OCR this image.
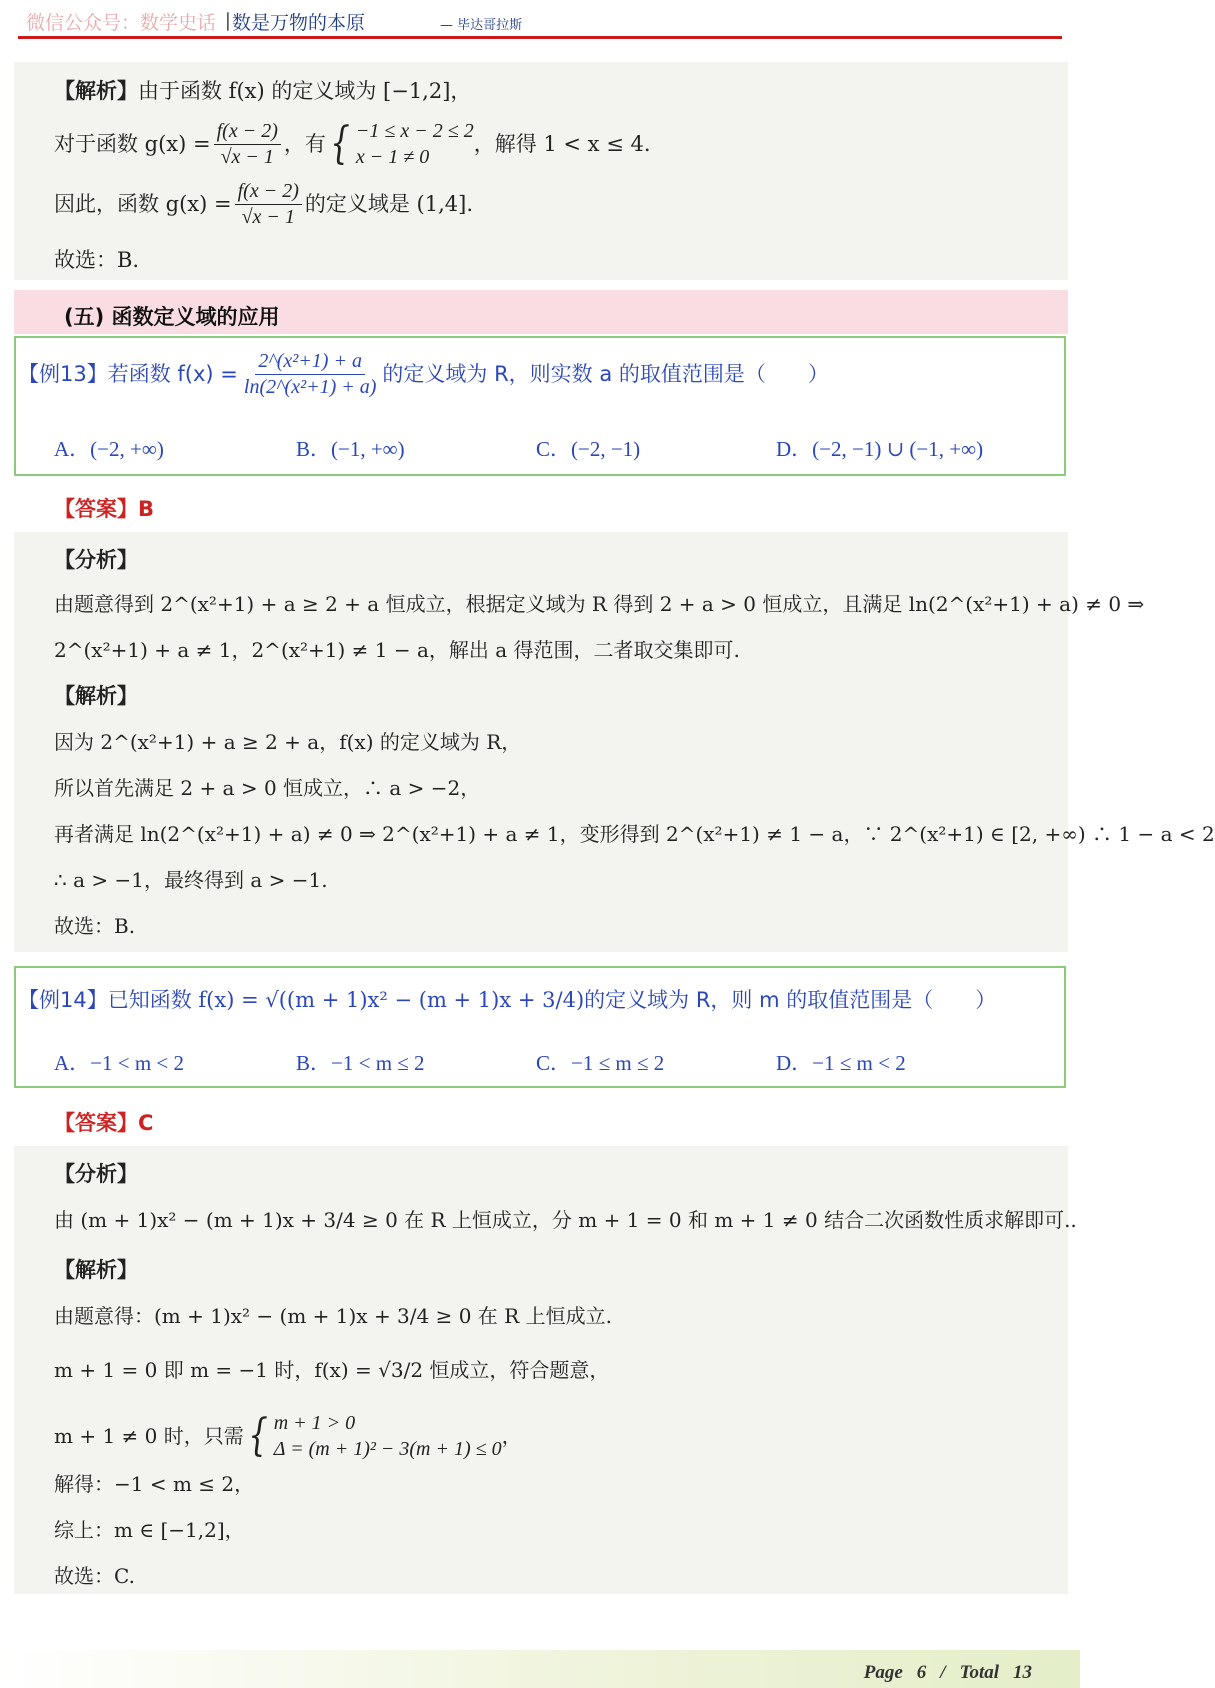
微信公众号：数学史话 丨
数是万物的本原	— 毕达哥拉斯
【解析】由于函数 f(x) 的定义域为 [−1,2]，
对于函数 $g(x) = \frac{f(x - 2)}{√x - 1}$ ，有 { −1 ≤ x − 2 ≤ 2
x − 1 ≠ 0
，解得 1 < x ≤ 4.
因此，函数 $g(x) = \frac{f(x - 2)}{√x - 1}$ 的定义域是 (1,4].
故选：B.
(五) 函数定义域的应用
【例13】 若函数 $f(x) = \frac{\text{2\textasciicircum{}(x²+1) + a}}{\text{ln(2\textasciicircum{}(x²+1) + a)}}$ 的定义域为 R，则实数 a 的取值范围是（　　）
A．(−2, +∞)	B．(−1, +∞)	C．(−2, −1)	D．(−2, −1) ∪ (−1, +∞)
【答案】B
【分析】
由题意得到 2^(x²+1) + a ≥ 2 + a 恒成立，根据定义域为 R 得到 2 + a > 0 恒成立，且满足 ln(2^(x²+1) + a) ≠ 0 ⇒
2^(x²+1) + a ≠ 1，2^(x²+1) ≠ 1 − a，解出 a 得范围，二者取交集即可.
【解析】
因为 2^(x²+1) + a ≥ 2 + a，f(x) 的定义域为 R，
所以首先满足 2 + a > 0 恒成立，∴ a > −2，
再者满足 ln(2^(x²+1) + a) ≠ 0 ⇒ 2^(x²+1) + a ≠ 1，变形得到 2^(x²+1) ≠ 1 − a，∵ 2^(x²+1) ∈ [2, +∞) ∴ 1 − a < 2
∴ a > −1，最终得到 a > −1.
故选：B.
【例14】已知函数 f(x) = √((m + 1)x² − (m + 1)x + 3/4)的定义域为 R，则 m 的取值范围是（　　）
A．−1 < m < 2	B．−1 < m ≤ 2	C．−1 ≤ m ≤ 2	D．−1 ≤ m < 2
【答案】C
【分析】
由 (m + 1)x² − (m + 1)x + 3/4 ≥ 0 在 R 上恒成立，分 m + 1 = 0 和 m + 1 ≠ 0 结合二次函数性质求解即可..
【解析】
由题意得：(m + 1)x² − (m + 1)x + 3/4 ≥ 0 在 R 上恒成立.
m + 1 = 0 即 m = −1 时，f(x) = √3/2 恒成立，符合题意，
m + 1 ≠ 0 时，只需 { m + 1 > 0
Δ = (m + 1)² − 3(m + 1) ≤ 0
，
解得：−1 < m ≤ 2，
综上：m ∈ [−1,2]，
故选：C.
Page 6 / Total 13
